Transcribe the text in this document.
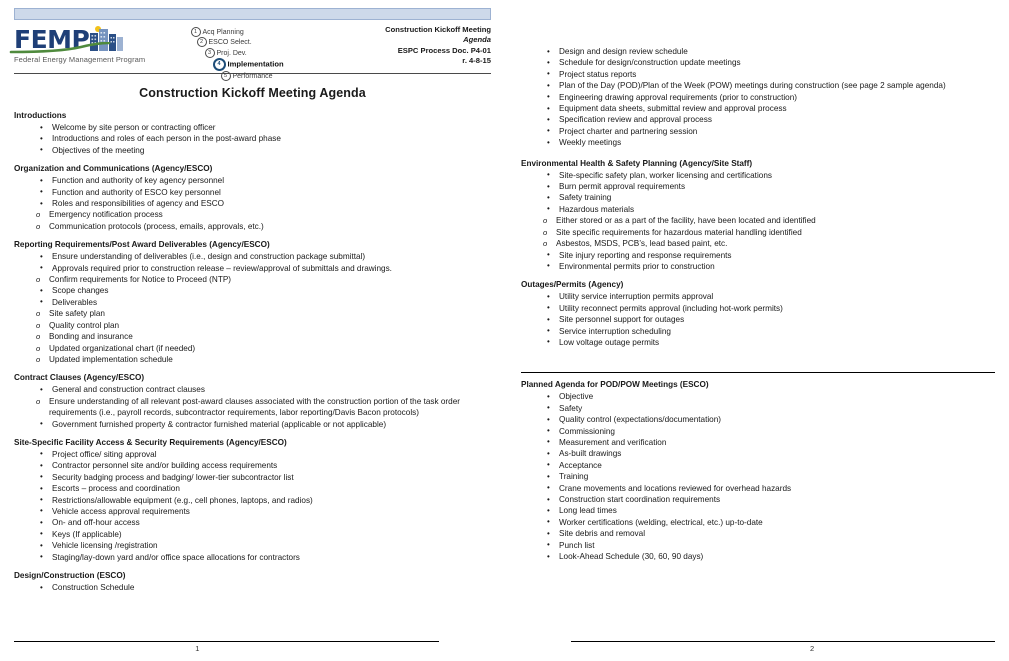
FEMP
Federal Energy Management Program
1 Acq Planning
2 ESCO Select.
3 Proj. Dev.
4 Implementation
5 Performance
Construction Kickoff Meeting
Agenda
ESPC Process Doc. P4-01
r. 4-8-15
Construction Kickoff Meeting Agenda
Introductions
• Welcome by site person or contracting officer
• Introductions and roles of each person in the post-award phase
• Objectives of the meeting
Organization and Communications (Agency/ESCO)
• Function and authority of key agency personnel
• Function and authority of ESCO key personnel
• Roles and responsibilities of agency and ESCO
o Emergency notification process
o Communication protocols (process, emails, approvals, etc.)
Reporting Requirements/Post Award Deliverables (Agency/ESCO)
• Ensure understanding of deliverables (i.e., design and construction package submittal)
• Approvals required prior to construction release – review/approval of submittals and drawings.
o Confirm requirements for Notice to Proceed (NTP)
• Scope changes
• Deliverables
o Site safety plan
o Quality control plan
o Bonding and insurance
o Updated organizational chart (if needed)
o Updated implementation schedule
Contract Clauses (Agency/ESCO)
• General and construction contract clauses
o Ensure understanding of all relevant post-award clauses associated with the construction portion of the task order requirements (i.e., payroll records, subcontractor requirements, labor reporting/Davis Bacon protocols)
• Government furnished property & contractor furnished material (applicable or not applicable)
Site-Specific Facility Access & Security Requirements (Agency/ESCO)
• Project office/ siting approval
• Contractor personnel site and/or building access requirements
• Security badging process and badging/ lower-tier subcontractor list
• Escorts – process and coordination
• Restrictions/allowable equipment (e.g., cell phones, laptops, and radios)
• Vehicle access approval requirements
• On- and off-hour access
• Keys (If applicable)
• Vehicle licensing /registration
• Staging/lay-down yard and/or office space allocations for contractors
Design/Construction (ESCO)
• Construction Schedule
1
• Design and design review schedule
• Schedule for design/construction update meetings
• Project status reports
• Plan of the Day (POD)/Plan of the Week (POW) meetings during construction (see page 2 sample agenda)
• Engineering drawing approval requirements (prior to construction)
• Equipment data sheets, submittal review and approval process
• Specification review and approval process
• Project charter and partnering session
• Weekly meetings
Environmental Health & Safety Planning (Agency/Site Staff)
• Site-specific safety plan, worker licensing and certifications
• Burn permit approval requirements
• Safety training
• Hazardous materials
o Either stored or as a part of the facility, have been located and identified
o Site specific requirements for hazardous material handling identified
o Asbestos, MSDS, PCB’s, lead based paint, etc.
• Site injury reporting and response requirements
• Environmental permits prior to construction
Outages/Permits (Agency)
• Utility service interruption permits approval
• Utility reconnect permits approval (including hot-work permits)
• Site personnel support for outages
• Service interruption scheduling
• Low voltage outage permits
Planned Agenda for POD/POW Meetings (ESCO)
• Objective
• Safety
• Quality control (expectations/documentation)
• Commissioning
• Measurement and verification
• As-built drawings
• Acceptance
• Training
• Crane movements and locations reviewed for overhead hazards
• Construction start coordination requirements
• Long lead times
• Worker certifications (welding, electrical, etc.) up-to-date
• Site debris and removal
• Punch list
• Look-Ahead Schedule (30, 60, 90 days)
2
